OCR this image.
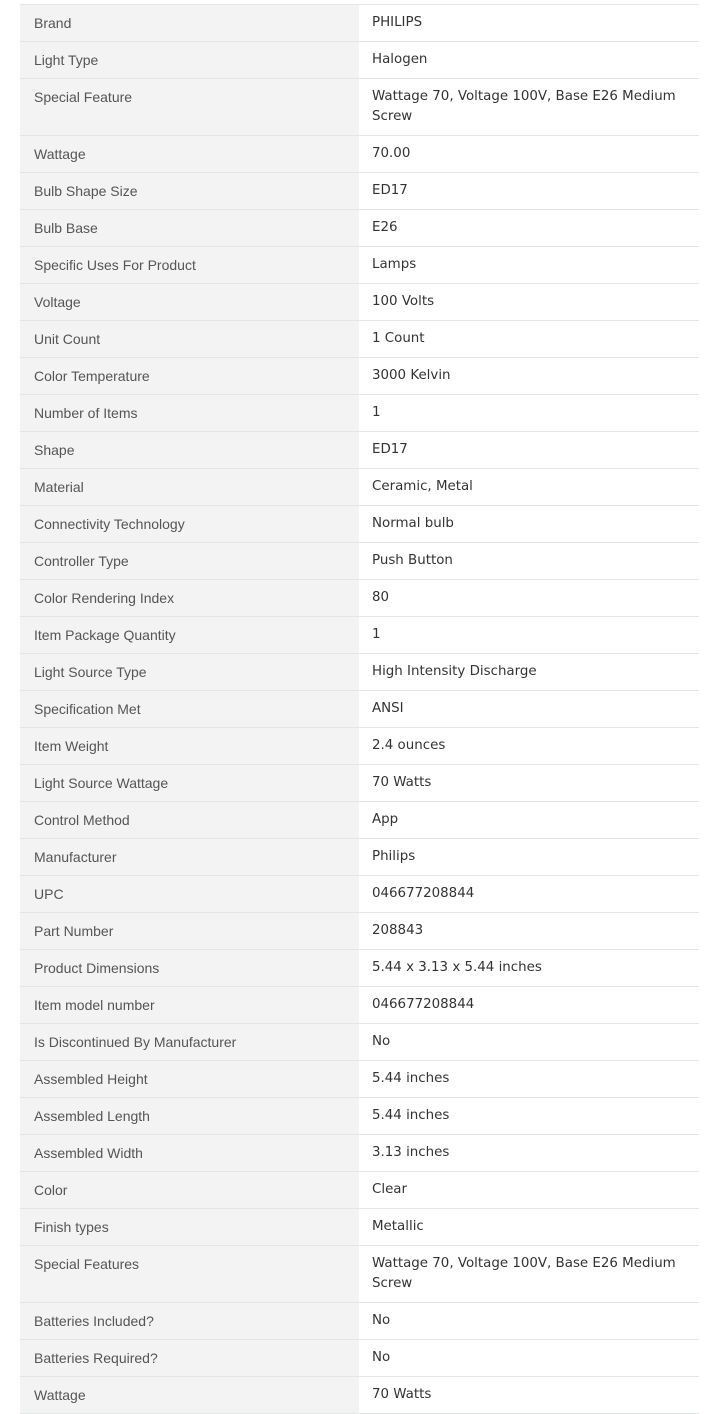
Brand	PHILIPS
Light Type	Halogen
Special Feature	Wattage 70, Voltage 100V, Base E26 Medium Screw
Wattage	70.00
Bulb Shape Size	ED17
Bulb Base	E26
Specific Uses For Product	Lamps
Voltage	100 Volts
Unit Count	1 Count
Color Temperature	3000 Kelvin
Number of Items	1
Shape	ED17
Material	Ceramic, Metal
Connectivity Technology	Normal bulb
Controller Type	Push Button
Color Rendering Index	80
Item Package Quantity	1
Light Source Type	High Intensity Discharge
Specification Met	ANSI
Item Weight	2.4 ounces
Light Source Wattage	70 Watts
Control Method	App
Manufacturer	Philips
UPC	046677208844
Part Number	208843
Product Dimensions	5.44 x 3.13 x 5.44 inches
Item model number	046677208844
Is Discontinued By Manufacturer	No
Assembled Height	5.44 inches
Assembled Length	5.44 inches
Assembled Width	3.13 inches
Color	Clear
Finish types	Metallic
Special Features	Wattage 70, Voltage 100V, Base E26 Medium Screw
Batteries Included?	No
Batteries Required?	No
Wattage	70 Watts
